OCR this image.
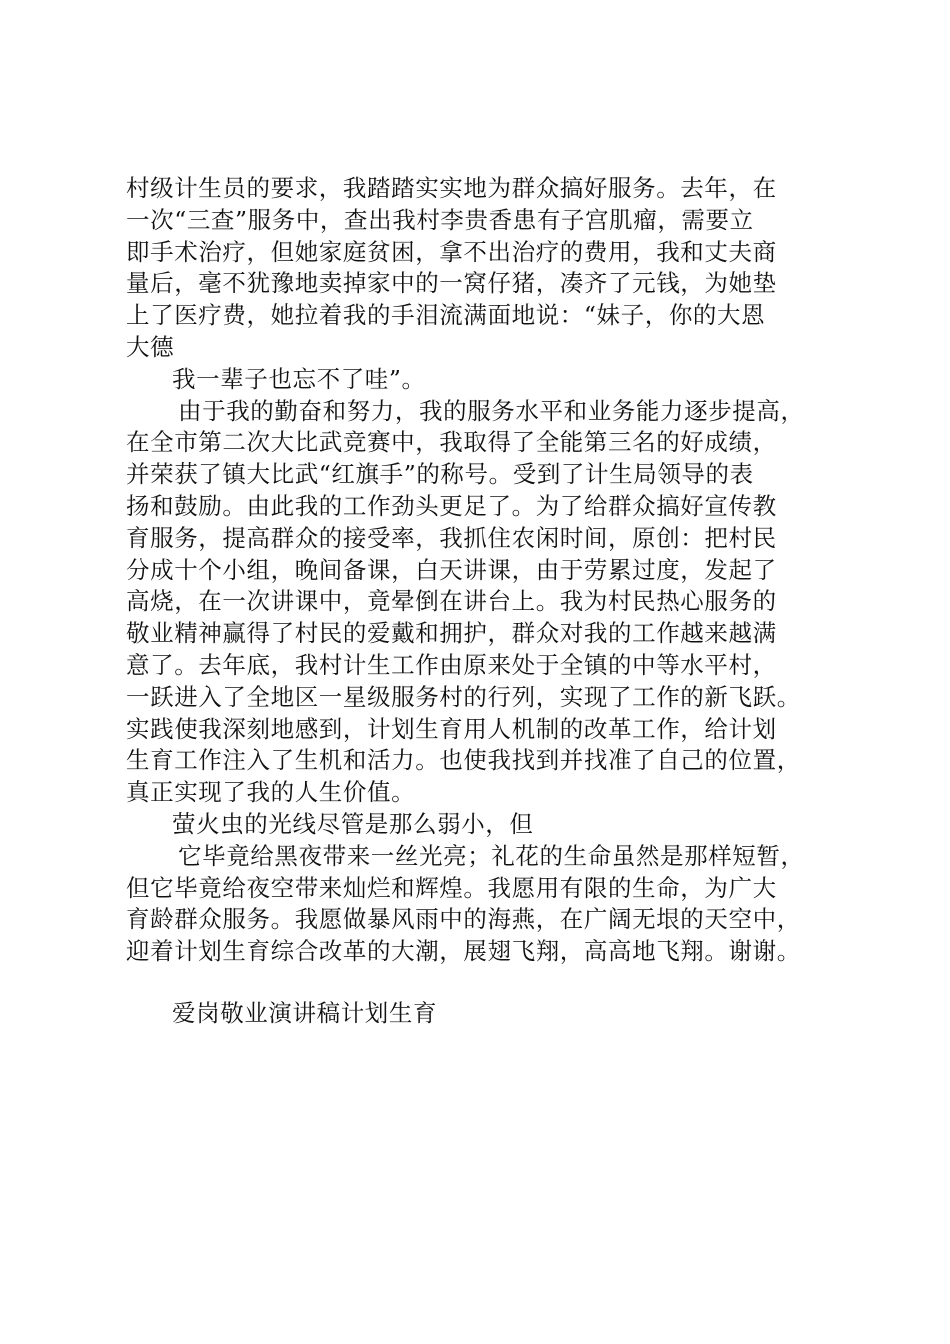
村级计生员的要求，我踏踏实实地为群众搞好服务。去年，在
一次“三查”服务中，查出我村李贵香患有子宫肌瘤，需要立
即手术治疗，但她家庭贫困，拿不出治疗的费用，我和丈夫商
量后，毫不犹豫地卖掉家中的一窝仔猪，凑齐了元钱，为她垫
上了医疗费，她拉着我的手泪流满面地说：“妹子，你的大恩
大德
我一辈子也忘不了哇”。
由于我的勤奋和努力，我的服务水平和业务能力逐步提高，
在全市第二次大比武竞赛中，我取得了全能第三名的好成绩，
并荣获了镇大比武“红旗手”的称号。受到了计生局领导的表
扬和鼓励。由此我的工作劲头更足了。为了给群众搞好宣传教
育服务，提高群众的接受率，我抓住农闲时间，原创：把村民
分成十个小组，晚间备课，白天讲课，由于劳累过度，发起了
高烧，在一次讲课中，竟晕倒在讲台上。我为村民热心服务的
敬业精神赢得了村民的爱戴和拥护，群众对我的工作越来越满
意了。去年底，我村计生工作由原来处于全镇的中等水平村，
一跃进入了全地区一星级服务村的行列，实现了工作的新飞跃。
实践使我深刻地感到，计划生育用人机制的改革工作，给计划
生育工作注入了生机和活力。也使我找到并找准了自己的位置，
真正实现了我的人生价值。
萤火虫的光线尽管是那么弱小，但
它毕竟给黑夜带来一丝光亮；礼花的生命虽然是那样短暂，
但它毕竟给夜空带来灿烂和辉煌。我愿用有限的生命，为广大
育龄群众服务。我愿做暴风雨中的海燕，在广阔无垠的天空中，
迎着计划生育综合改革的大潮，展翅飞翔，高高地飞翔。谢谢。
爱岗敬业演讲稿计划生育
